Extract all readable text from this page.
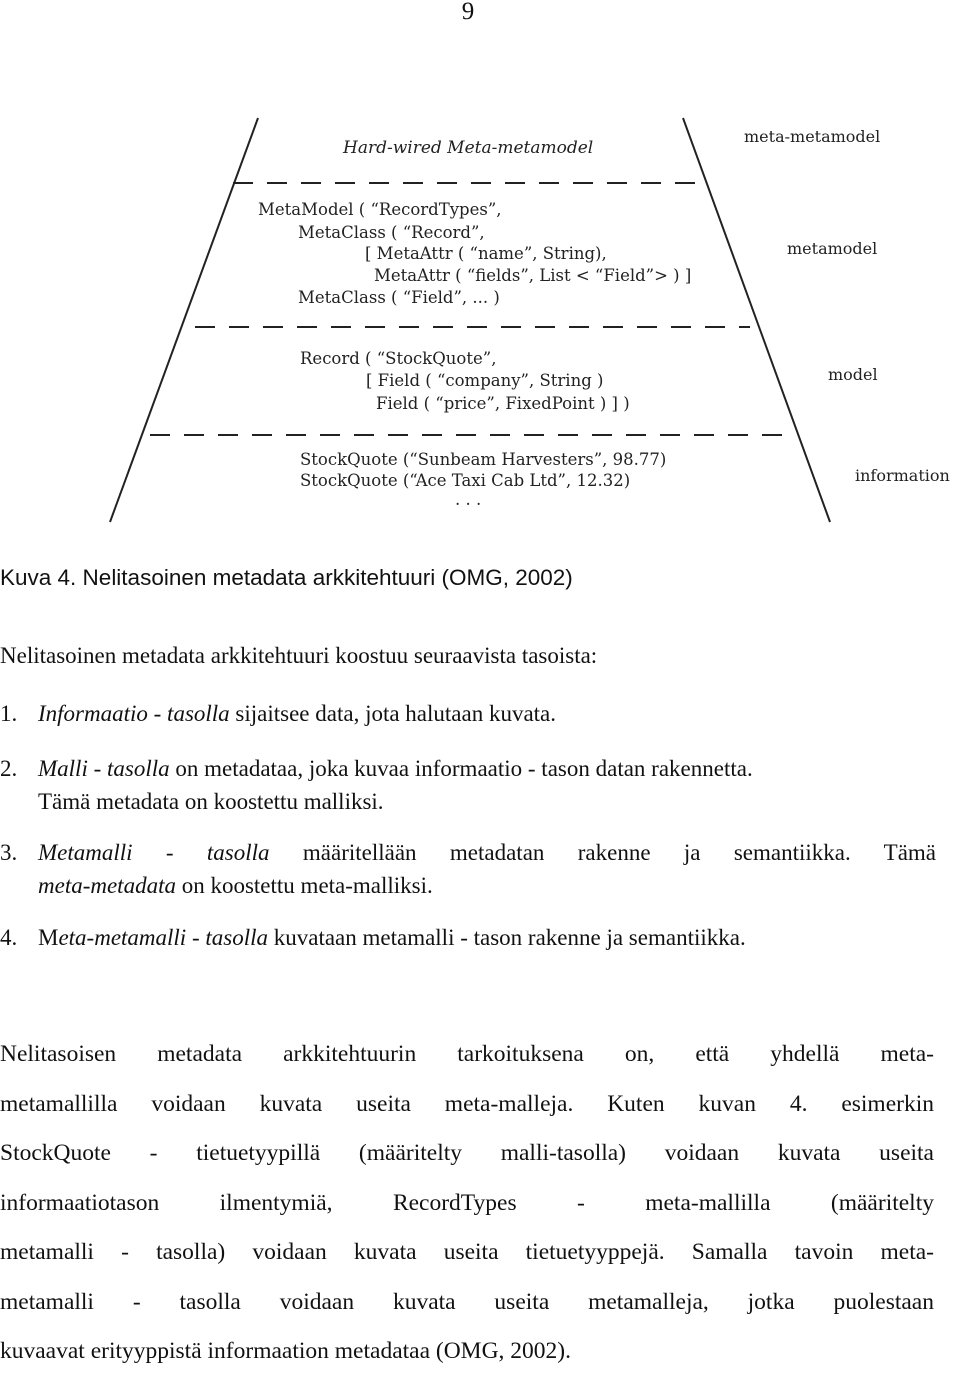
9
Hard-wired Meta-metamodel
meta-metamodel
metamodel
model
information
MetaModel ( “RecordTypes”,
MetaClass ( “Record”,
[ MetaAttr ( “name”, String),
MetaAttr ( “fields”, List < “Field”> ) ]
MetaClass ( “Field”, ... )
Record ( “StockQuote”,
[ Field ( “company”, String )
Field ( “price”, FixedPoint ) ] )
StockQuote (“Sunbeam Harvesters”, 98.77)
StockQuote (“Ace Taxi Cab Ltd”, 12.32)
. . .
Kuva 4. Nelitasoinen metadata arkkitehtuuri (OMG, 2002)
Nelitasoinen metadata arkkitehtuuri koostuu seuraavista tasoista:
1. Informaatio - tasolla sijaitsee data, jota halutaan kuvata.
2. Malli - tasolla on metadataa, joka kuvaa informaatio - tason datan rakennetta.
Tämä metadata on koostettu malliksi.
3. Metamalli - tasolla määritellään metadatan rakenne ja semantiikka. Tämä
meta-metadata on koostettu meta-malliksi.
4. Meta-metamalli - tasolla kuvataan metamalli - tason rakenne ja semantiikka.
Nelitasoisen metadata arkkitehtuurin tarkoituksena on, että yhdellä meta-
metamallilla voidaan kuvata useita meta-malleja. Kuten kuvan 4. esimerkin
StockQuote - tietuetyypillä (määritelty malli-tasolla) voidaan kuvata useita
informaatiotason ilmentymiä, RecordTypes - meta-mallilla (määritelty
metamalli - tasolla) voidaan kuvata useita tietuetyyppejä. Samalla tavoin meta-
metamalli - tasolla voidaan kuvata useita metamalleja, jotka puolestaan
kuvaavat erityyppistä informaation metadataa (OMG, 2002).
